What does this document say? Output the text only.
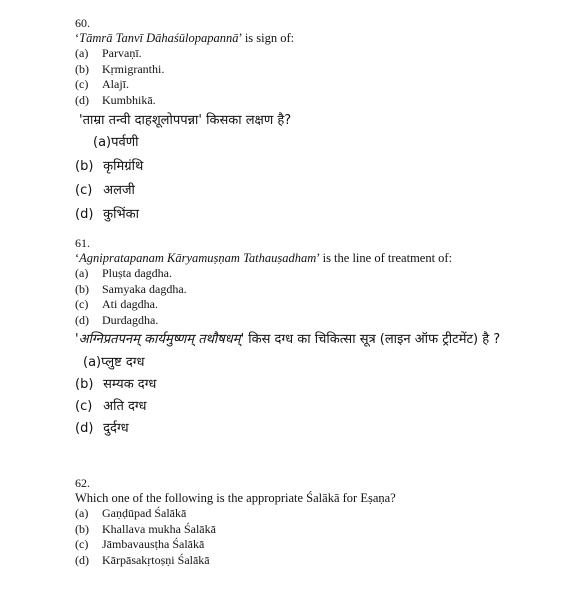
60.
‘Tāmrā Tanvī Dāhaśūlopapannā’ is sign of:
(a)	Parvaṇī.
(b)	Kṛmigranthi.
(c)	Alajī.
(d)	Kumbhikā.
'ताम्रा तन्वी दाहशूलोपपन्ना' किसका लक्षण है?
(a)पर्वणी
(b) कृमिग्रंथि
(c) अलजी
(d) कुभिंका
61.
‘Agnipratapanam Kāryamuṣṇam Tathauṣadham’ is the line of treatment of:
(a)	Pluṣta dagdha.
(b)	Samyaka dagdha.
(c)	Ati dagdha.
(d)	Durdagdha.
'अग्निप्रतपनम् कार्यमुष्णम् तथौषधम्' किस दग्ध का चिकित्सा सूत्र (लाइन ऑफ ट्रीटमेंट) है ?
(a)प्लुष्ट दग्ध
(b) सम्यक दग्ध
(c) अति दग्ध
(d) दुर्दग्ध
62.
Which one of the following is the appropriate Śalākā for Eṣaṇa?
(a)	Gaṇḍūpad Śalākā
(b)	Khallava mukha Śalākā
(c)	Jāmbavausṭha Śalākā
(d)	Kārpāsakṛtoṣṇi Śalākā
